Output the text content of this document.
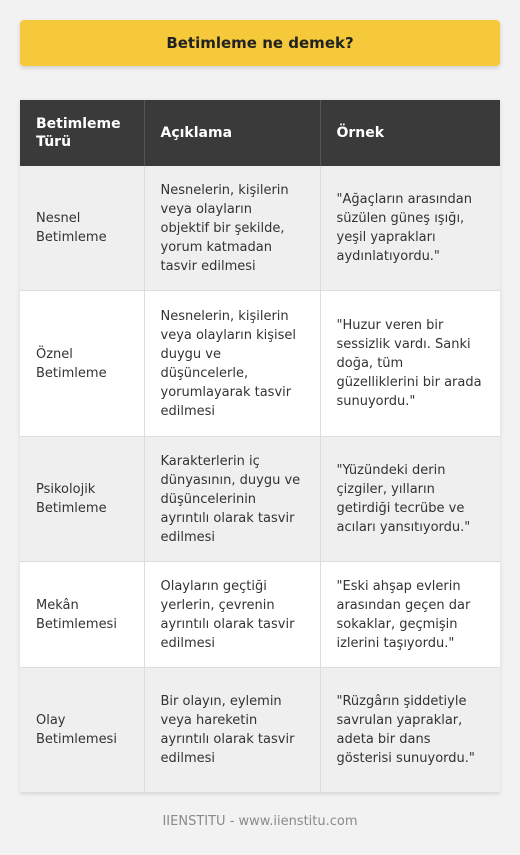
Betimleme ne demek?
Betimleme Türü	Açıklama	Örnek
Nesnel Betimleme	Nesnelerin, kişilerin veya olayların objektif bir şekilde, yorum katmadan tasvir edilmesi	"Ağaçların arasından süzülen güneş ışığı, yeşil yaprakları aydınlatıyordu."
Öznel Betimleme	Nesnelerin, kişilerin veya olayların kişisel duygu ve düşüncelerle, yorumlayarak tasvir edilmesi	"Huzur veren bir sessizlik vardı. Sanki doğa, tüm güzelliklerini bir arada sunuyordu."
Psikolojik Betimleme	Karakterlerin iç dünyasının, duygu ve düşüncelerinin ayrıntılı olarak tasvir edilmesi	"Yüzündeki derin çizgiler, yılların getirdiği tecrübe ve acıları yansıtıyordu."
Mekân Betimlemesi	Olayların geçtiği yerlerin, çevrenin ayrıntılı olarak tasvir edilmesi	"Eski ahşap evlerin arasından geçen dar sokaklar, geçmişin izlerini taşıyordu."
Olay Betimlemesi	Bir olayın, eylemin veya hareketin ayrıntılı olarak tasvir edilmesi	"Rüzgârın şiddetiyle savrulan yapraklar, adeta bir dans gösterisi sunuyordu."
IIENSTITU - www.iienstitu.com
